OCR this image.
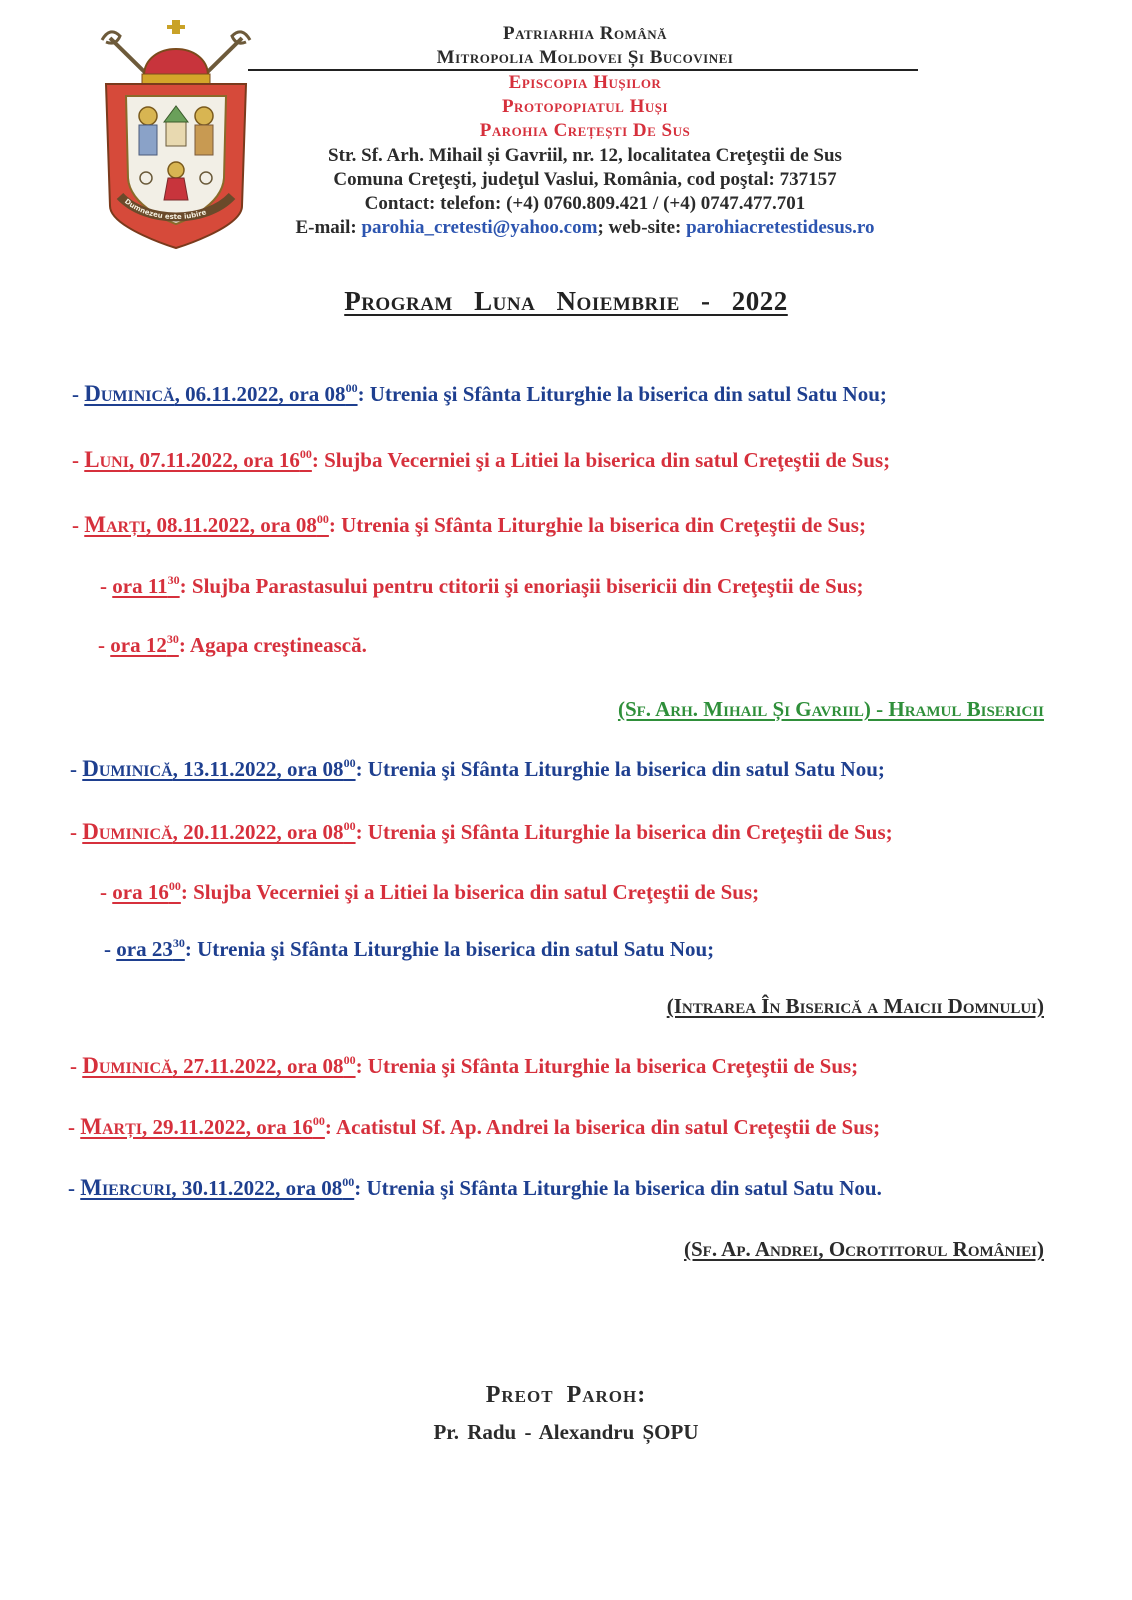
Dumnezeu este iubire
Patriarhia Română
Mitropolia Moldovei Și Bucovinei
Episcopia Hușilor
Protopopiatul Huși
Parohia Crețești De Sus
Str. Sf. Arh. Mihail și Gavriil, nr. 12, localitatea Creţeştii de Sus
Comuna Creţeşti, judeţul Vaslui, România, cod poştal: 737157
Contact: telefon: (+4) 0760.809.421 / (+4) 0747.477.701
E-mail: parohia_cretesti@yahoo.com; web-site: parohiacretestidesus.ro
Program Luna Noiembrie - 2022
- Duminică, 06.11.2022, ora $08^{00}$: Utrenia şi Sfânta Liturghie la biserica din satul Satu Nou;
- Luni, 07.11.2022, ora $16^{00}$: Slujba Vecerniei şi a Litiei la biserica din satul Creţeştii de Sus;
- Marți, 08.11.2022, ora $08^{00}$: Utrenia şi Sfânta Liturghie la biserica din Creţeştii de Sus;
- ora $11^{30}$: Slujba Parastasului pentru ctitorii şi enoriaşii bisericii din Creţeştii de Sus;
- ora $12^{30}$: Agapa creştinească.
(Sf. Arh. Mihail Și Gavriil) - Hramul Bisericii
- Duminică, 13.11.2022, ora $08^{00}$: Utrenia şi Sfânta Liturghie la biserica din satul Satu Nou;
- Duminică, 20.11.2022, ora $08^{00}$: Utrenia şi Sfânta Liturghie la biserica din Creţeştii de Sus;
- ora $16^{00}$: Slujba Vecerniei şi a Litiei la biserica din satul Creţeştii de Sus;
- ora $23^{30}$: Utrenia şi Sfânta Liturghie la biserica din satul Satu Nou;
(Intrarea În Biserică a Maicii Domnului)
- Duminică, 27.11.2022, ora $08^{00}$: Utrenia şi Sfânta Liturghie la biserica Creţeştii de Sus;
- Marți, 29.11.2022, ora $16^{00}$: Acatistul Sf. Ap. Andrei la biserica din satul Creţeştii de Sus;
- Miercuri, 30.11.2022, ora $08^{00}$: Utrenia şi Sfânta Liturghie la biserica din satul Satu Nou.
(Sf. Ap. Andrei, Ocrotitorul României)
Preot Paroh:
Pr. Radu - Alexandru ȘOPU
